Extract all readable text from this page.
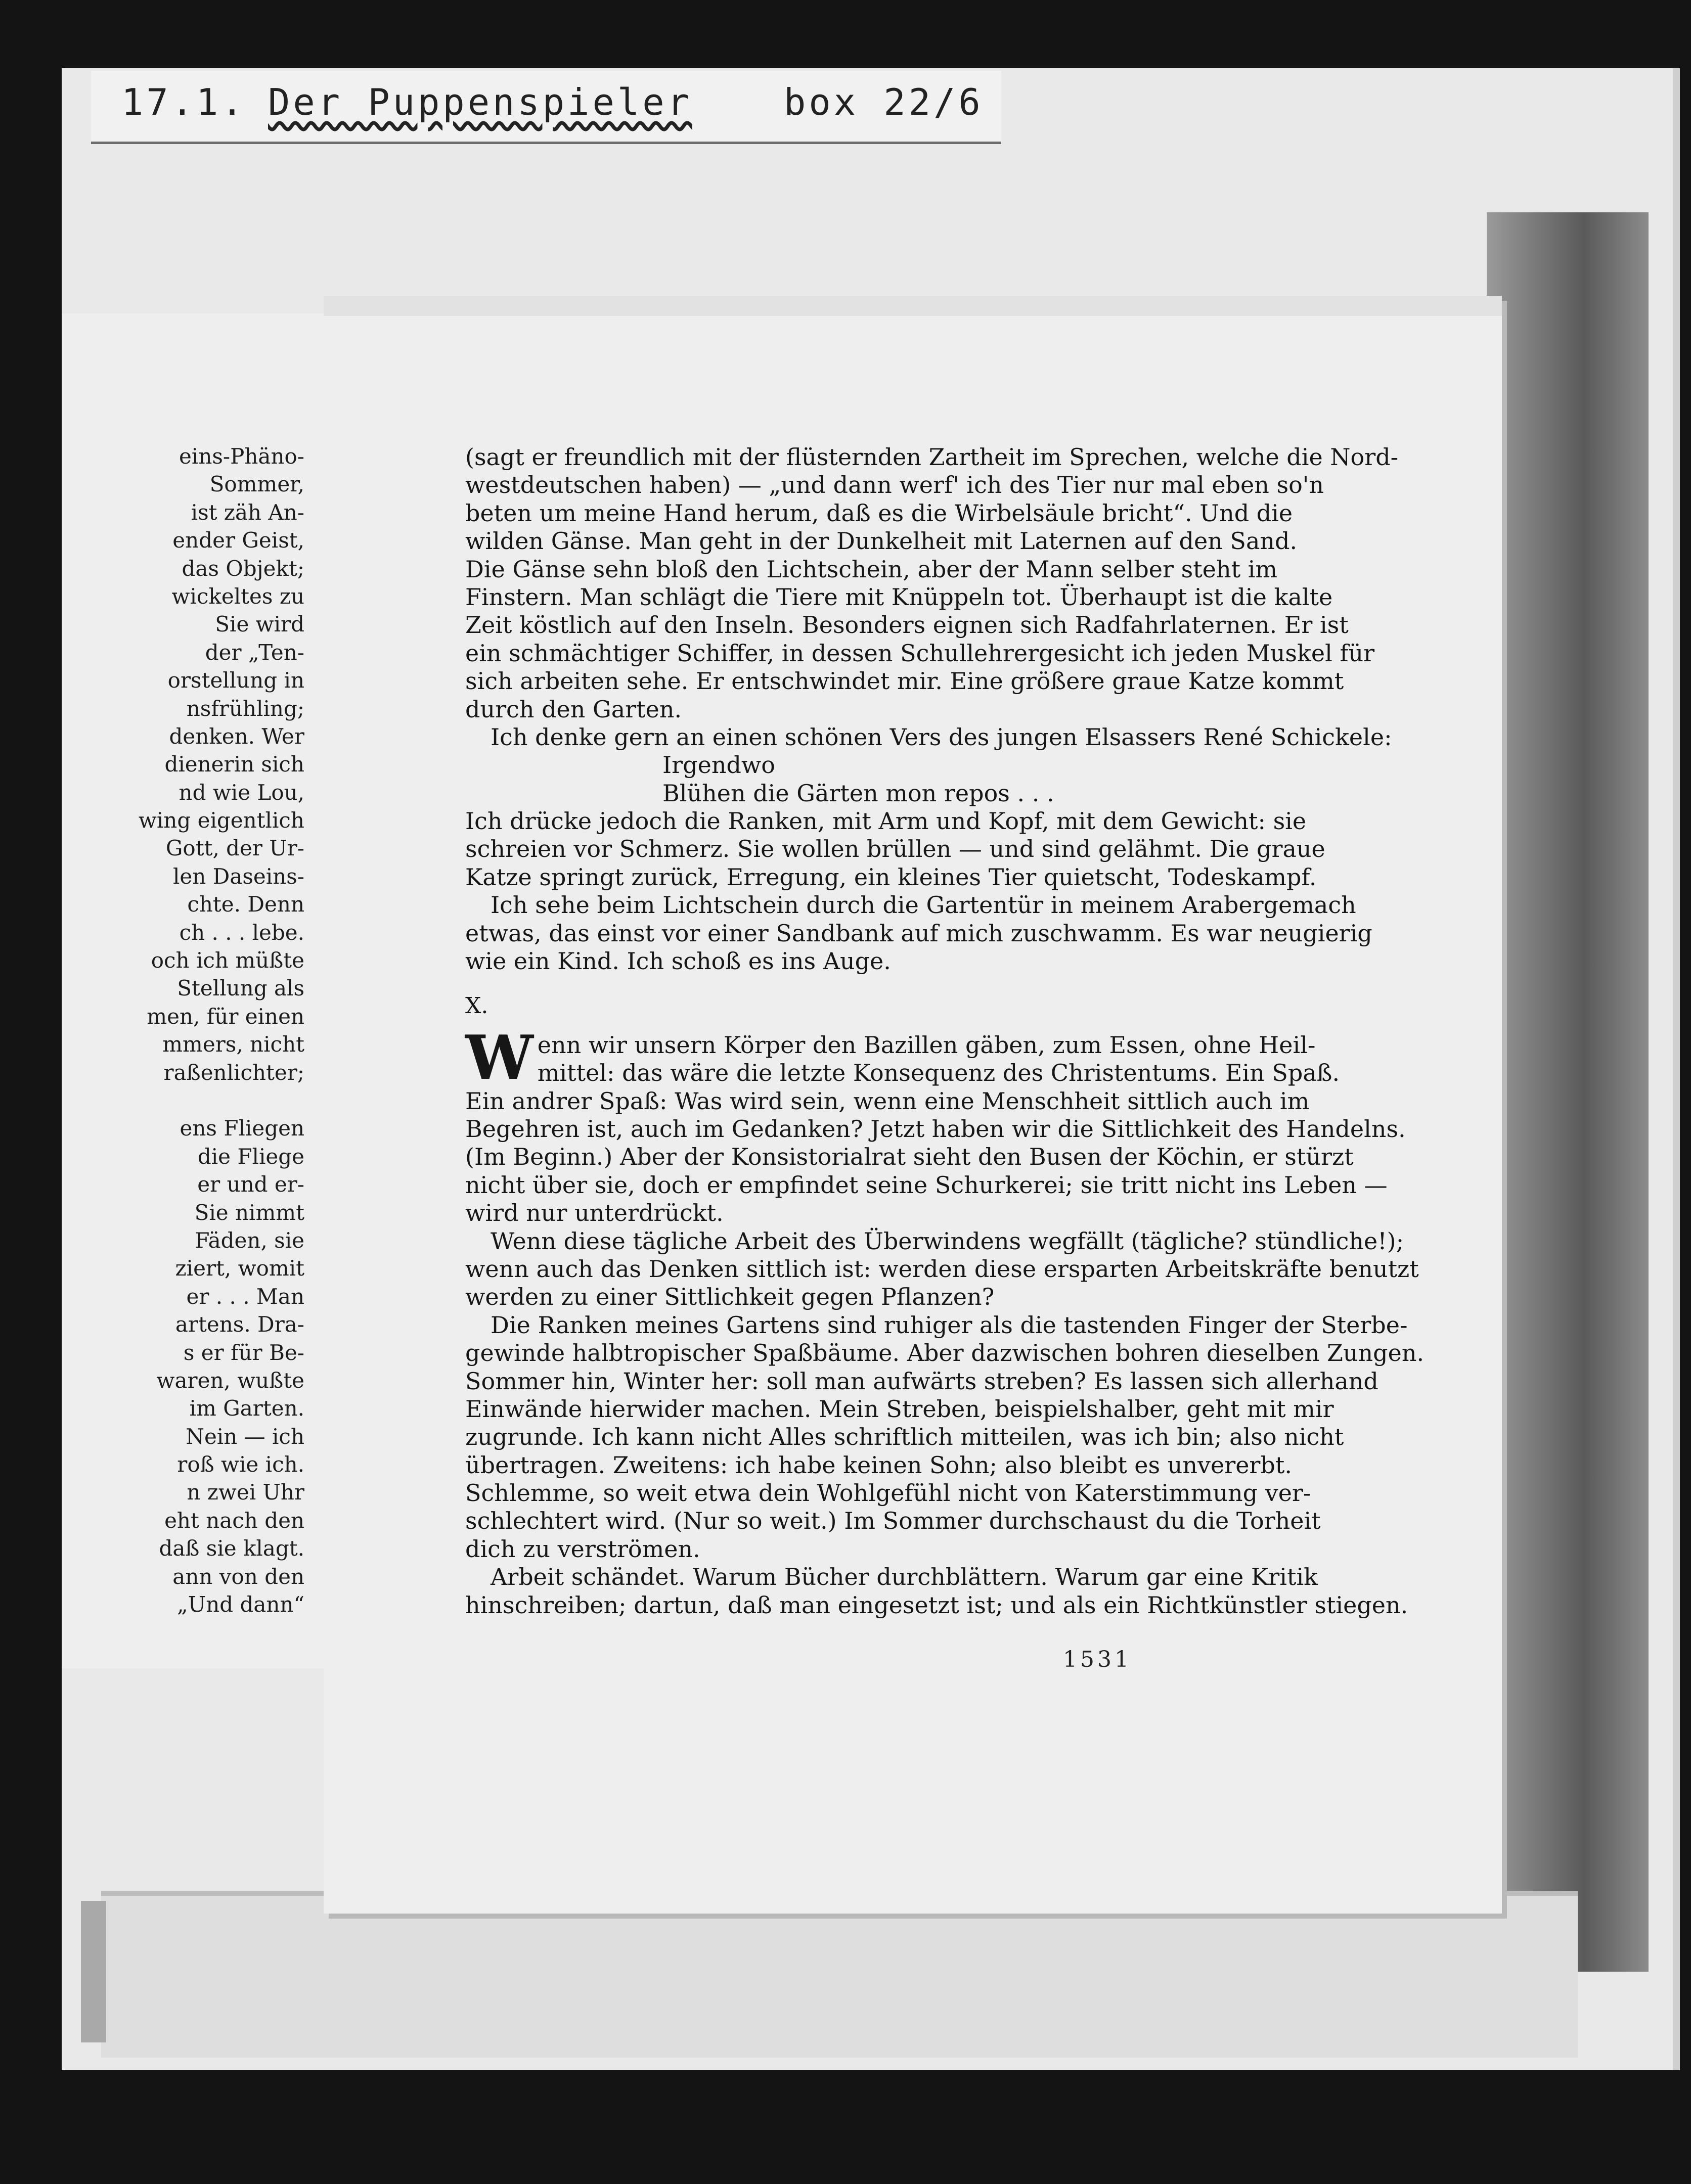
17.1. Der Puppenspieler	box 22/6
eins-Phäno-
Sommer,
ist zäh An-
ender Geist,
das Objekt;
wickeltes zu
Sie wird
der „Ten-
orstellung in
nsfrühling;
denken. Wer
dienerin sich
nd wie Lou,
wing eigentlich
Gott, der Ur-
len Daseins-
chte. Denn
ch . . . lebe.
och ich müßte
Stellung als
men, für einen
mmers, nicht
raßenlichter;
ens Fliegen
die Fliege
er und er-
Sie nimmt
Fäden, sie
ziert, womit
er . . . Man
artens. Dra-
s er für Be-
waren, wußte
im Garten.
Nein — ich
roß wie ich.
n zwei Uhr
eht nach den
daß sie klagt.
ann von den
„Und dann“
(sagt er freundlich mit der flüsternden Zartheit im Sprechen, welche die Nord-
westdeutschen haben) — „und dann werf' ich des Tier nur mal eben so'n
beten um meine Hand herum, daß es die Wirbelsäule bricht“. Und die
wilden Gänse. Man geht in der Dunkelheit mit Laternen auf den Sand.
Die Gänse sehn bloß den Lichtschein, aber der Mann selber steht im
Finstern. Man schlägt die Tiere mit Knüppeln tot. Überhaupt ist die kalte
Zeit köstlich auf den Inseln. Besonders eignen sich Radfahrlaternen. Er ist
ein schmächtiger Schiffer, in dessen Schullehrergesicht ich jeden Muskel für
sich arbeiten sehe. Er entschwindet mir. Eine größere graue Katze kommt
durch den Garten.
Ich denke gern an einen schönen Vers des jungen Elsassers René Schickele:
Irgendwo
Blühen die Gärten mon repos . . .
Ich drücke jedoch die Ranken, mit Arm und Kopf, mit dem Gewicht: sie
schreien vor Schmerz. Sie wollen brüllen — und sind gelähmt. Die graue
Katze springt zurück, Erregung, ein kleines Tier quietscht, Todeskampf.
Ich sehe beim Lichtschein durch die Gartentür in meinem Arabergemach
etwas, das einst vor einer Sandbank auf mich zuschwamm. Es war neugierig
wie ein Kind. Ich schoß es ins Auge.
X.
W enn wir unsern Körper den Bazillen gäben, zum Essen, ohne Heil-
mittel: das wäre die letzte Konsequenz des Christentums. Ein Spaß.
Ein andrer Spaß: Was wird sein, wenn eine Menschheit sittlich auch im
Begehren ist, auch im Gedanken? Jetzt haben wir die Sittlichkeit des Handelns.
(Im Beginn.) Aber der Konsistorialrat sieht den Busen der Köchin, er stürzt
nicht über sie, doch er empfindet seine Schurkerei; sie tritt nicht ins Leben —
wird nur unterdrückt.
Wenn diese tägliche Arbeit des Überwindens wegfällt (tägliche? stündliche!);
wenn auch das Denken sittlich ist: werden diese ersparten Arbeitskräfte benutzt
werden zu einer Sittlichkeit gegen Pflanzen?
Die Ranken meines Gartens sind ruhiger als die tastenden Finger der Sterbe-
gewinde halbtropischer Spaßbäume. Aber dazwischen bohren dieselben Zungen.
Sommer hin, Winter her: soll man aufwärts streben? Es lassen sich allerhand
Einwände hierwider machen. Mein Streben, beispielshalber, geht mit mir
zugrunde. Ich kann nicht Alles schriftlich mitteilen, was ich bin; also nicht
übertragen. Zweitens: ich habe keinen Sohn; also bleibt es unvererbt.
Schlemme, so weit etwa dein Wohlgefühl nicht von Katerstimmung ver-
schlechtert wird. (Nur so weit.) Im Sommer durchschaust du die Torheit
dich zu verströmen.
Arbeit schändet. Warum Bücher durchblättern. Warum gar eine Kritik
hinschreiben; dartun, daß man eingesetzt ist; und als ein Richtkünstler stiegen.
1531
